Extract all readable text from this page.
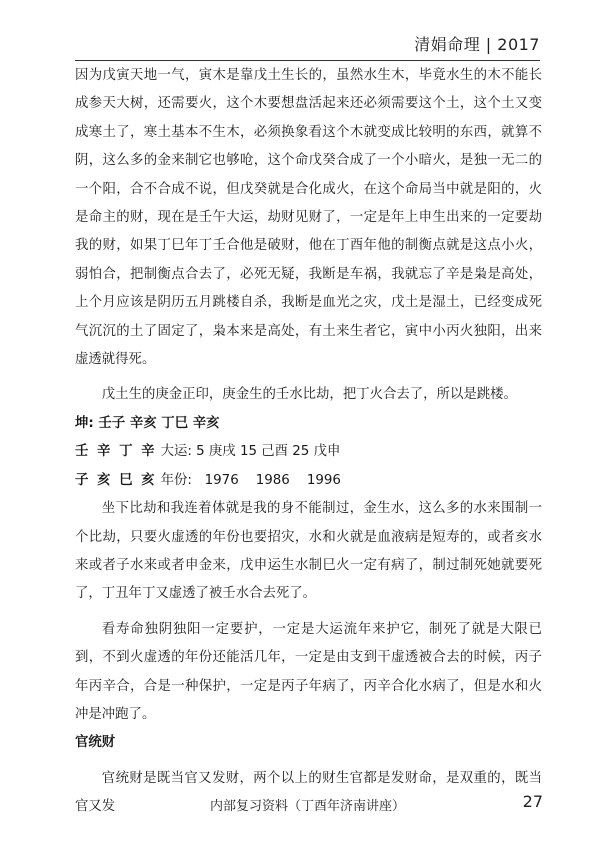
清娟命理 | 2017

因为戊寅天地一气，寅木是靠戊土生长的，虽然水生木，毕竟水生的木不能长成参天大树，还需要火，这个木要想盘活起来还必须需要这个土，这个土又变成寒土了，寒土基本不生木，必须换象看这个木就变成比较明的东西，就算不阴，这么多的金来制它也够呛，这个命戊癸合成了一个小暗火，是独一无二的一个阳，合不合成不说，但戊癸就是合化成火，在这个命局当中就是阳的，火是命主的财，现在是壬午大运，劫财见财了，一定是年上申生出来的一定要劫我的财，如果丁巳年丁壬合他是破财，他在丁酉年他的制衡点就是这点小火，弱怕合，把制衡点合去了，必死无疑，我断是车祸，我就忘了辛是枭是高处，上个月应该是阴历五月跳楼自杀，我断是血光之灾，戊土是湿土，已经变成死气沉沉的土了固定了，枭本来是高处，有土来生者它，寅中小丙火独阳，出来虚透就得死。

戊土生的庚金正印，庚金生的壬水比劫，把丁火合去了，所以是跳楼。

坤: 壬子 辛亥 丁巳 辛亥

壬 辛 丁 辛 大运: 5 庚戌 15 己酉 25 戊申

子 亥 巳 亥 年份: 1976    1986    1996

坐下比劫和我连着体就是我的身不能制过，金生水，这么多的水来围制一个比劫，只要火虚透的年份也要招灾，水和火就是血液病是短寿的，或者亥水来或者子水来或者申金来，戊申运生水制巳火一定有病了，制过制死她就要死了，丁丑年丁又虚透了被壬水合去死了。

看寿命独阴独阳一定要护，一定是大运流年来护它，制死了就是大限已到，不到火虚透的年份还能活几年，一定是由支到干虚透被合去的时候，丙子年丙辛合，合是一种保护，一定是丙子年病了，丙辛合化水病了，但是水和火冲是冲跑了。

官统财

官统财是既当官又发财，两个以上的财生官都是发财命，是双重的，既当官又发	内部复习资料（丁酉年济南讲座）	27
